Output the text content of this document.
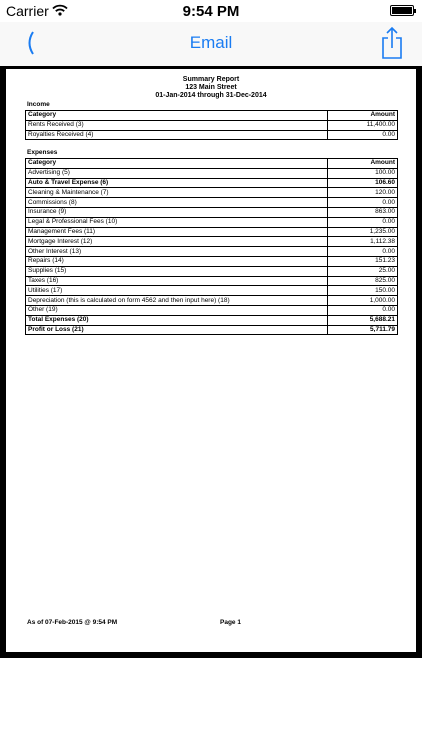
Carrier	9:54 PM
Email
Summary Report
123 Main Street
01-Jan-2014 through 31-Dec-2014
Income
Category	Amount
Rents Received (3)	11,400.00
Royalties Received (4)	0.00
Expenses
Category	Amount
Advertising (5)	100.00
Auto & Travel Expense (6)	106.60
Cleaning & Maintenance (7)	120.00
Commissions (8)	0.00
Insurance (9)	863.00
Legal & Professional Fees (10)	0.00
Management Fees (11)	1,235.00
Mortgage Interest (12)	1,112.38
Other Interest (13)	0.00
Repairs (14)	151.23
Supplies (15)	25.00
Taxes (16)	825.00
Utilities (17)	150.00
Depreciation (this is calculated on form 4562 and then input here) (18)	1,000.00
Other (19)	0.00
Total Expenses (20)	5,688.21
Profit or Loss (21)	5,711.79
As of 07-Feb-2015 @ 9:54 PM	Page 1
